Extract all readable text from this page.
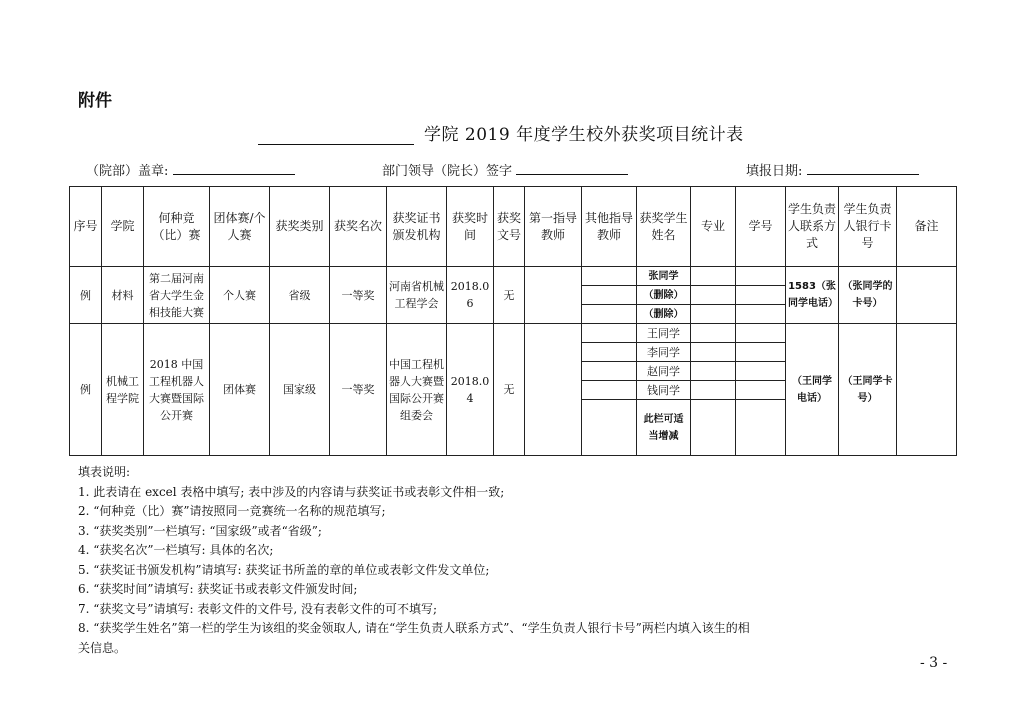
附件
学院 2019 年度学生校外获奖项目统计表
（院部）盖章:	部门领导（院长）签字	填报日期:
序号	学院	何种竞（比）赛	团体赛/个人赛	获奖类别	获奖名次	获奖证书颁发机构	获奖时间	获奖文号	第一指导教师	其他指导教师	获奖学生姓名	专业	学号	学生负责人联系方式	学生负责人银行卡号	备注
例	材料	第二届河南省大学生金相技能大赛	个人赛	省级	一等奖	河南省机械工程学会	2018.06	无			张同学			1583（张同学电话）	（张同学的卡号）	
											（删除）					
											（删除）					
例	机械工程学院	2018 中国工程机器人大赛暨国际公开赛	团体赛	国家级	一等奖	中国工程机器人大赛暨国际公开赛组委会	2018.04	无			王同学			（王同学电话）	（王同学卡号）	
											李同学					
											赵同学					
											钱同学					
											此栏可适当增减					
填表说明:
1. 此表请在 excel 表格中填写; 表中涉及的内容请与获奖证书或表彰文件相一致;
2. “何种竞（比）赛”请按照同一竞赛统一名称的规范填写;
3. “获奖类别”一栏填写: “国家级”或者“省级”;
4. “获奖名次”一栏填写: 具体的名次;
5. “获奖证书颁发机构”请填写: 获奖证书所盖的章的单位或表彰文件发文单位;
6. “获奖时间”请填写: 获奖证书或表彰文件颁发时间;
7. “获奖文号”请填写: 表彰文件的文件号, 没有表彰文件的可不填写;
8. “获奖学生姓名”第一栏的学生为该组的奖金领取人, 请在“学生负责人联系方式”、“学生负责人银行卡号”两栏内填入该生的相
关信息。
- 3 -
